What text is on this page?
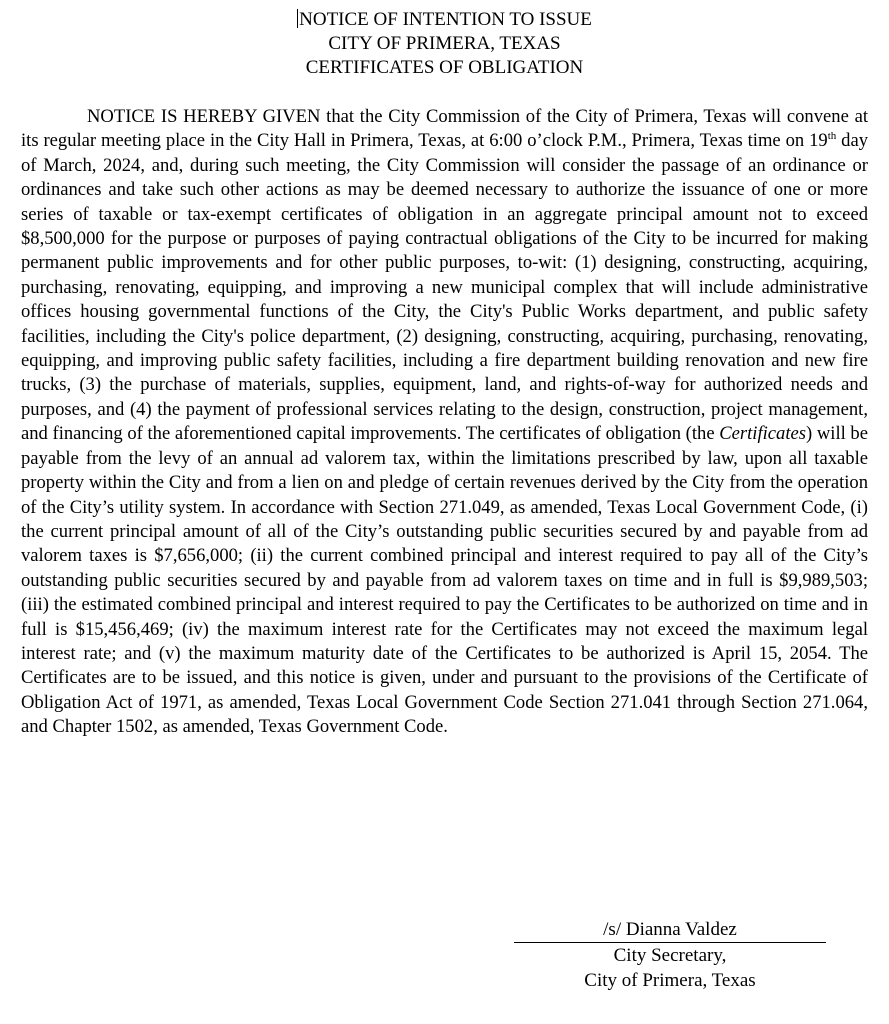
NOTICE OF INTENTION TO ISSUE
CITY OF PRIMERA, TEXAS
CERTIFICATES OF OBLIGATION

NOTICE IS HEREBY GIVEN that the City Commission of the City of Primera, Texas will convene at its regular meeting place in the City Hall in Primera, Texas, at 6:00 o’clock P.M., Primera, Texas time on 19th day of March, 2024, and, during such meeting, the City Commission will consider the passage of an ordinance or ordinances and take such other actions as may be deemed necessary to authorize the issuance of one or more series of taxable or tax-exempt certificates of obligation in an aggregate principal amount not to exceed $8,500,000 for the purpose or purposes of paying contractual obligations of the City to be incurred for making permanent public improvements and for other public purposes, to-wit: (1) designing, constructing, acquiring, purchasing, renovating, equipping, and improving a new municipal complex that will include administrative offices housing governmental functions of the City, the City's Public Works department, and public safety facilities, including the City's police department, (2) designing, constructing, acquiring, purchasing, renovating, equipping, and improving public safety facilities, including a fire department building renovation and new fire trucks, (3) the purchase of materials, supplies, equipment, land, and rights-of-way for authorized needs and purposes, and (4) the payment of professional services relating to the design, construction, project management, and financing of the aforementioned capital improvements. The certificates of obligation (the Certificates) will be payable from the levy of an annual ad valorem tax, within the limitations prescribed by law, upon all taxable property within the City and from a lien on and pledge of certain revenues derived by the City from the operation of the City’s utility system. In accordance with Section 271.049, as amended, Texas Local Government Code, (i) the current principal amount of all of the City’s outstanding public securities secured by and payable from ad valorem taxes is $7,656,000; (ii) the current combined principal and interest required to pay all of the City’s outstanding public securities secured by and payable from ad valorem taxes on time and in full is $9,989,503; (iii) the estimated combined principal and interest required to pay the Certificates to be authorized on time and in full is $15,456,469; (iv) the maximum interest rate for the Certificates may not exceed the maximum legal interest rate; and (v) the maximum maturity date of the Certificates to be authorized is April 15, 2054. The Certificates are to be issued, and this notice is given, under and pursuant to the provisions of the Certificate of Obligation Act of 1971, as amended, Texas Local Government Code Section 271.041 through Section 271.064, and Chapter 1502, as amended, Texas Government Code.

/s/ Dianna Valdez
City Secretary,
City of Primera, Texas
